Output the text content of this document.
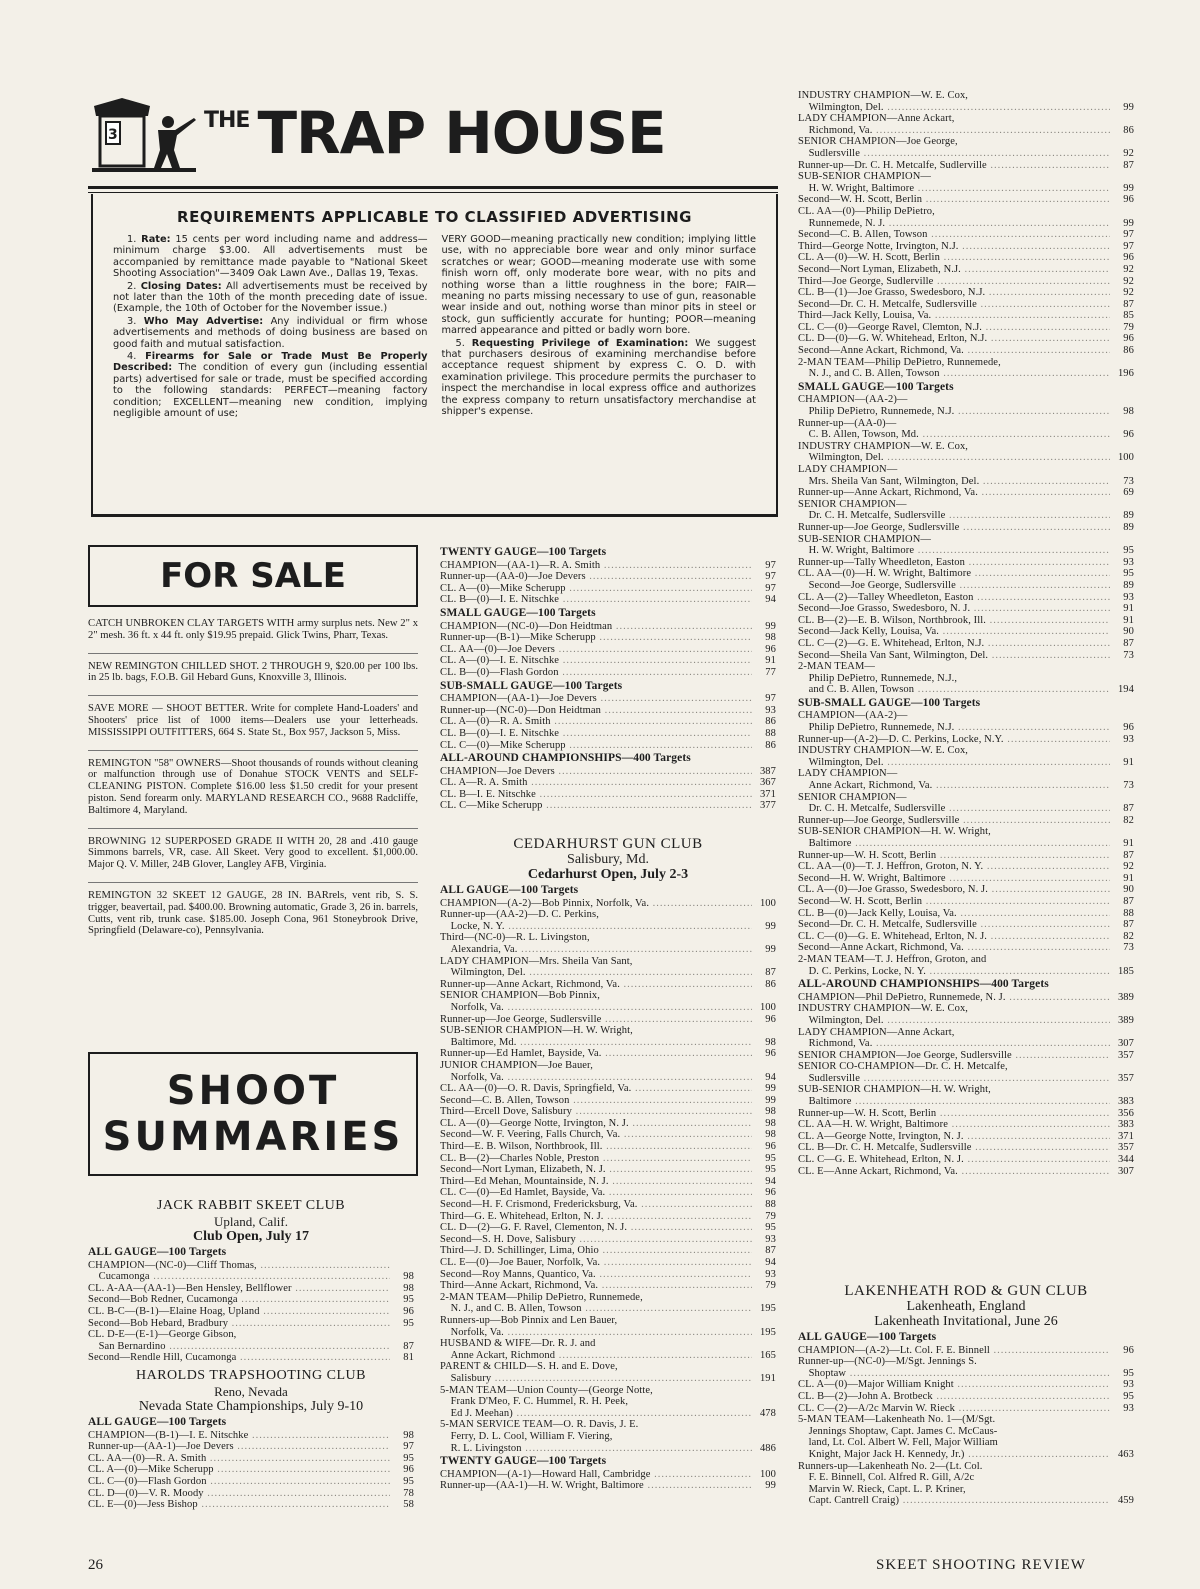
3
$^{THE}$ TRAP HOUSE
REQUIREMENTS APPLICABLE TO CLASSIFIED ADVERTISING

1. Rate: 15 cents per word including name and address—minimum charge $3.00. All advertisements must be accompanied by remittance made payable to "National Skeet Shooting Association"—3409 Oak Lawn Ave., Dallas 19, Texas.

2. Closing Dates: All advertisements must be received by not later than the 10th of the month preceding date of issue. (Example, the 10th of October for the November issue.)

3. Who May Advertise: Any individual or firm whose advertisements and methods of doing business are based on good faith and mutual satisfaction.

4. Firearms for Sale or Trade Must Be Properly Described: The condition of every gun (including essential parts) advertised for sale or trade, must be specified according to the following standards: PERFECT—meaning factory condition; EXCELLENT—meaning new condition, implying negligible amount of use;

VERY GOOD—meaning practically new condition; implying little use, with no appreciable bore wear and only minor surface scratches or wear; GOOD—meaning moderate use with some finish worn off, only moderate bore wear, with no pits and nothing worse than a little roughness in the bore; FAIR—meaning no parts missing necessary to use of gun, reasonable wear inside and out, nothing worse than minor pits in steel or stock, gun sufficiently accurate for hunting; POOR—meaning marred appearance and pitted or badly worn bore.

5. Requesting Privilege of Examination: We suggest that purchasers desirous of examining merchandise before acceptance request shipment by express C. O. D. with examination privilege. This procedure permits the purchaser to inspect the merchandise in local express office and authorizes the express company to return unsatisfactory merchandise at shipper's expense.

FOR SALE

CATCH UNBROKEN CLAY TARGETS WITH army surplus nets. New 2" x 2" mesh. 36 ft. x 44 ft. only $19.95 prepaid. Glick Twins, Pharr, Texas.

NEW REMINGTON CHILLED SHOT. 2 THROUGH 9, $20.00 per 100 lbs. in 25 lb. bags, F.O.B. Gil Hebard Guns, Knoxville 3, Illinois.

SAVE MORE — SHOOT BETTER. Write for complete Hand-Loaders' and Shooters' price list of 1000 items—Dealers use your letterheads. MISSISSIPPI OUTFITTERS, 664 S. State St., Box 957, Jackson 5, Miss.

REMINGTON "58" OWNERS—Shoot thousands of rounds without cleaning or malfunction through use of Donahue STOCK VENTS and SELF-CLEANING PISTON. Complete $16.00 less $1.50 credit for your present piston. Send forearm only. MARYLAND RESEARCH CO., 9688 Radcliffe, Baltimore 4, Maryland.

BROWNING 12 SUPERPOSED GRADE II WITH 20, 28 and .410 gauge Simmons barrels, VR, case. All Skeet. Very good to excellent. $1,000.00. Major Q. V. Miller, 24B Glover, Langley AFB, Virginia.

REMINGTON 32 SKEET 12 GAUGE, 28 IN. BARrels, vent rib, S. S. trigger, beavertail, pad. $400.00. Browning automatic, Grade 3, 26 in. barrels, Cutts, vent rib, trunk case. $185.00. Joseph Cona, 961 Stoneybrook Drive, Springfield (Delaware-co), Pennsylvania.

SHOOT
SUMMARIES
JACK RABBIT SKEET CLUB
Upland, Calif.
Club Open, July 17
ALL GAUGE—100 Targets
CHAMPION—(NC-0)—Cliff Thomas, .....
 Cucamonga .....	98
CL. A-AA—(AA-1)—Ben Hensley, Bellflower .....	98
Second—Bob Redner, Cucamonga .....	95
CL. B-C—(B-1)—Elaine Hoag, Upland .....	96
Second—Bob Hebard, Bradbury .....	95
CL. D-E—(E-1)—George Gibson,
 San Bernardino .....	87
Second—Rendle Hill, Cucamonga .....	81
HAROLDS TRAPSHOOTING CLUB
Reno, Nevada
Nevada State Championships, July 9-10
ALL GAUGE—100 Targets
CHAMPION—(B-1)—I. E. Nitschke .....	98
Runner-up—(AA-1)—Joe Devers .....	97
CL. AA—(0)—R. A. Smith .....	95
CL. A—(0)—Mike Scherupp .....	96
CL. C—(0)—Flash Gordon .....	95
CL. D—(0)—V. R. Moody .....	78
CL. E—(0)—Jess Bishop .....	58
TWENTY GAUGE—100 Targets
CHAMPION—(AA-1)—R. A. Smith .....	97
Runner-up—(AA-0)—Joe Devers .....	97
CL. A—(0)—Mike Scherupp .....	97
CL. B—(0)—I. E. Nitschke .....	94
SMALL GAUGE—100 Targets
CHAMPION—(NC-0)—Don Heidtman .....	99
Runner-up—(B-1)—Mike Scherupp .....	98
CL. AA—(0)—Joe Devers .....	96
CL. A—(0)—I. E. Nitschke .....	91
CL. B—(0)—Flash Gordon .....	77
SUB-SMALL GAUGE—100 Targets
CHAMPION—(AA-1)—Joe Devers .....	97
Runner-up—(NC-0)—Don Heidtman .....	93
CL. A—(0)—R. A. Smith .....	86
CL. B—(0)—I. E. Nitschke .....	88
CL. C—(0)—Mike Scherupp .....	86
ALL-AROUND CHAMPIONSHIPS—400 Targets
CHAMPION—Joe Devers .....	387
CL. A—R. A. Smith .....	367
CL. B—I. E. Nitschke .....	371
CL. C—Mike Scherupp .....	377
CEDARHURST GUN CLUB
Salisbury, Md.
Cedarhurst Open, July 2-3
ALL GAUGE—100 Targets
CHAMPION—(A-2)—Bob Pinnix, Norfolk, Va. .....	100
Runner-up—(AA-2)—D. C. Perkins,
 Locke, N. Y. .....	99
Third—(NC-0)—R. L. Livingston,
 Alexandria, Va. .....	99
LADY CHAMPION—Mrs. Sheila Van Sant,
 Wilmington, Del. .....	87
Runner-up—Anne Ackart, Richmond, Va. .....	86
SENIOR CHAMPION—Bob Pinnix,
 Norfolk, Va. .....	100
Runner-up—Joe George, Sudlersville .....	96
SUB-SENIOR CHAMPION—H. W. Wright,
 Baltimore, Md. .....	98
Runner-up—Ed Hamlet, Bayside, Va. .....	96
JUNIOR CHAMPION—Joe Bauer,
 Norfolk, Va. .....	94
CL. AA—(0)—O. R. Davis, Springfield, Va. .....	99
Second—C. B. Allen, Towson .....	99
Third—Ercell Dove, Salisbury .....	98
CL. A—(0)—George Notte, Irvington, N. J. .....	98
Second—W. F. Veering, Falls Church, Va. .....	98
Third—E. B. Wilson, Northbrook, Ill. .....	96
CL. B—(2)—Charles Noble, Preston .....	95
Second—Nort Lyman, Elizabeth, N. J. .....	95
Third—Ed Mehan, Mountainside, N. J. .....	94
CL. C—(0)—Ed Hamlet, Bayside, Va. .....	96
Second—H. F. Crismond, Fredericksburg, Va. .....	88
Third—G. E. Whitehead, Erlton, N. J. .....	79
CL. D—(2)—G. F. Ravel, Clementon, N. J. .....	95
Second—S. H. Dove, Salisbury .....	93
Third—J. D. Schillinger, Lima, Ohio .....	87
CL. E—(0)—Joe Bauer, Norfolk, Va. .....	94
Second—Roy Manns, Quantico, Va. .....	93
Third—Anne Ackart, Richmond, Va. .....	79
2-MAN TEAM—Philip DePietro, Runnemede,
 N. J., and C. B. Allen, Towson .....	195
Runners-up—Bob Pinnix and Len Bauer,
 Norfolk, Va. .....	195
HUSBAND & WIFE—Dr. R. J. and
 Anne Ackart, Richmond .....	165
PARENT & CHILD—S. H. and E. Dove,
 Salisbury .....	191
5-MAN TEAM—Union County—(George Notte,
 Frank D'Meo, F. C. Hummel, R. H. Peek,
 Ed J. Meehan) .....	478
5-MAN SERVICE TEAM—O. R. Davis, J. E.
 Ferry, D. L. Cool, William F. Viering,
 R. L. Livingston .....	486
TWENTY GAUGE—100 Targets
CHAMPION—(A-1)—Howard Hall, Cambridge .....	100
Runner-up—(AA-1)—H. W. Wright, Baltimore .....	99
INDUSTRY CHAMPION—W. E. Cox,
 Wilmington, Del. .....	99
LADY CHAMPION—Anne Ackart,
 Richmond, Va. .....	86
SENIOR CHAMPION—Joe George,
 Sudlersville .....	92
Runner-up—Dr. C. H. Metcalfe, Sudlerville .....	87
SUB-SENIOR CHAMPION—
 H. W. Wright, Baltimore .....	99
Second—W. H. Scott, Berlin .....	96
CL. AA—(0)—Philip DePietro,
 Runnemede, N. J. .....	99
Second—C. B. Allen, Towson .....	97
Third—George Notte, Irvington, N.J. .....	97
CL. A—(0)—W. H. Scott, Berlin .....	96
Second—Nort Lyman, Elizabeth, N.J. .....	92
Third—Joe George, Sudlerville .....	92
CL. B—(1)—Joe Grasso, Swedesboro, N.J. .....	92
Second—Dr. C. H. Metcalfe, Sudlersville .....	87
Third—Jack Kelly, Louisa, Va. .....	85
CL. C—(0)—George Ravel, Clemton, N.J. .....	79
CL. D—(0)—G. W. Whitehead, Erlton, N.J. .....	96
Second—Anne Ackart, Richmond, Va. .....	86
2-MAN TEAM—Philip DePietro, Runnemede,
 N. J., and C. B. Allen, Towson .....	196
SMALL GAUGE—100 Targets
CHAMPION—(AA-2)—
 Philip DePietro, Runnemede, N.J. .....	98
Runner-up—(AA-0)—
 C. B. Allen, Towson, Md. .....	96
INDUSTRY CHAMPION—W. E. Cox,
 Wilmington, Del. .....	100
LADY CHAMPION—
 Mrs. Sheila Van Sant, Wilmington, Del. .....	73
Runner-up—Anne Ackart, Richmond, Va. .....	69
SENIOR CHAMPION—
 Dr. C. H. Metcalfe, Sudlersville .....	89
Runner-up—Joe George, Sudlersville .....	89
SUB-SENIOR CHAMPION—
 H. W. Wright, Baltimore .....	95
Runner-up—Tally Wheedleton, Easton .....	93
CL. AA—(0)—H. W. Wright, Baltimore .....	95
 Second—Joe George, Sudlersville .....	89
CL. A—(2)—Talley Wheedleton, Easton .....	93
Second—Joe Grasso, Swedesboro, N. J. .....	91
CL. B—(2)—E. B. Wilson, Northbrook, Ill. .....	91
Second—Jack Kelly, Louisa, Va. .....	90
CL. C—(2)—G. E. Whitehead, Erlton, N.J. .....	87
Second—Sheila Van Sant, Wilmington, Del. .....	73
2-MAN TEAM—
 Philip DePietro, Runnemede, N.J.,
 and C. B. Allen, Towson .....	194
SUB-SMALL GAUGE—100 Targets
CHAMPION—(AA-2)—
 Philip DePietro, Runnemede, N.J. .....	96
Runner-up—(A-2)—D. C. Perkins, Locke, N.Y. .....	93
INDUSTRY CHAMPION—W. E. Cox,
 Wilmington, Del. .....	91
LADY CHAMPION—
 Anne Ackart, Richmond, Va. .....	73
SENIOR CHAMPION—
 Dr. C. H. Metcalfe, Sudlersville .....	87
Runner-up—Joe George, Sudlersville .....	82
SUB-SENIOR CHAMPION—H. W. Wright,
 Baltimore .....	91
Runner-up—W. H. Scott, Berlin .....	87
CL. AA—(0)—T. J. Heffron, Groton, N. Y. .....	92
Second—H. W. Wright, Baltimore .....	91
CL. A—(0)—Joe Grasso, Swedesboro, N. J. .....	90
Second—W. H. Scott, Berlin .....	87
CL. B—(0)—Jack Kelly, Louisa, Va. .....	88
Second—Dr. C. H. Metcalfe, Sudlersville .....	87
CL. C—(0)—G. E. Whitehead, Erlton, N. J. .....	82
Second—Anne Ackart, Richmond, Va. .....	73
2-MAN TEAM—T. J. Heffron, Groton, and
 D. C. Perkins, Locke, N. Y. .....	185
ALL-AROUND CHAMPIONSHIPS—400 Targets
CHAMPION—Phil DePietro, Runnemede, N. J. .....	389
INDUSTRY CHAMPION—W. E. Cox,
 Wilmington, Del. .....	389
LADY CHAMPION—Anne Ackart,
 Richmond, Va. .....	307
SENIOR CHAMPION—Joe George, Sudlersville .....	357
SENIOR CO-CHAMPION—Dr. C. H. Metcalfe,
 Sudlersville .....	357
SUB-SENIOR CHAMPION—H. W. Wright,
 Baltimore .....	383
Runner-up—W. H. Scott, Berlin .....	356
CL. AA—H. W. Wright, Baltimore .....	383
CL. A—George Notte, Irvington, N. J. .....	371
CL. B—Dr. C. H. Metcalfe, Sudlersville .....	357
CL. C—G. E. Whitehead, Erlton, N. J. .....	344
CL. E—Anne Ackart, Richmond, Va. .....	307
LAKENHEATH ROD & GUN CLUB
Lakenheath, England
Lakenheath Invitational, June 26
ALL GAUGE—100 Targets
CHAMPION—(A-2)—Lt. Col. F. E. Binnell .....	96
Runner-up—(NC-0)—M/Sgt. Jennings S.
 Shoptaw .....	95
CL. A—(0)—Major William Knight .....	93
CL. B—(2)—John A. Brotbeck .....	95
CL. C—(2)—A/2c Marvin W. Rieck .....	93
5-MAN TEAM—Lakenheath No. 1—(M/Sgt.
 Jennings Shoptaw, Capt. James C. McCaus-
 land, Lt. Col. Albert W. Fell, Major William
 Knight, Major Jack H. Kennedy, Jr.) .....	463
Runners-up—Lakenheath No. 2—(Lt. Col.
 F. E. Binnell, Col. Alfred R. Gill, A/2c
 Marvin W. Rieck, Capt. L. P. Kriner,
 Capt. Cantrell Craig) .....	459
26	SKEET SHOOTING REVIEW
